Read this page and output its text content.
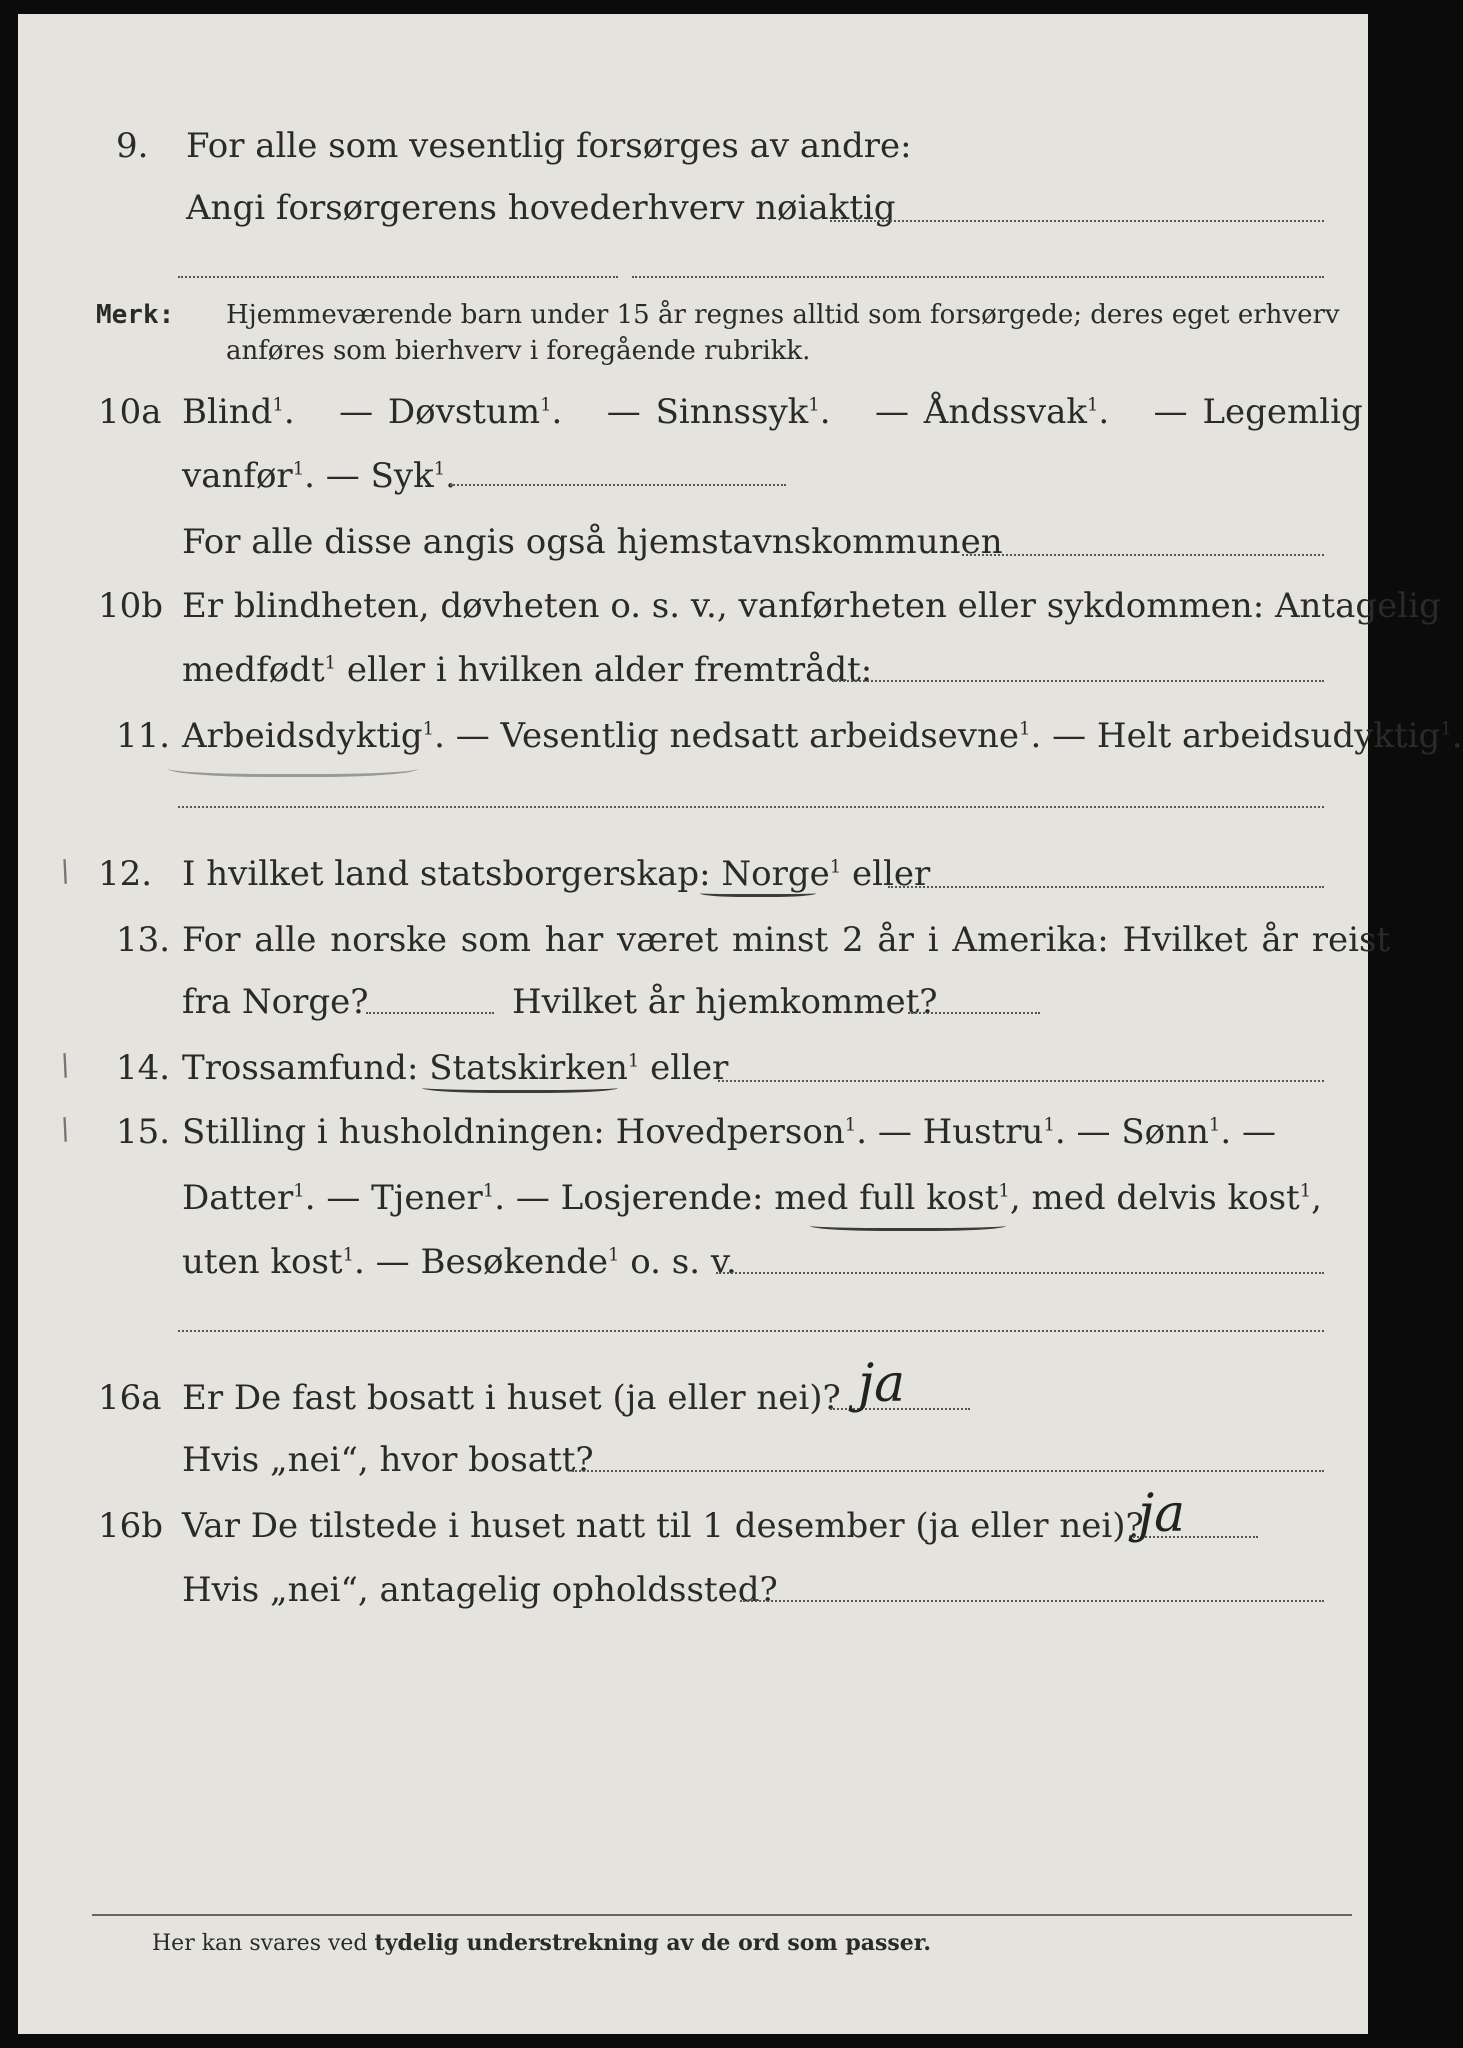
9. For alle som vesentlig forsørges av andre:
Angi forsørgerens hovederhverv nøiaktig
Merk: Hjemmeværende barn under 15 år regnes alltid som forsørgede; deres eget erhverv
anføres som bierhverv i foregående rubrikk.
10a Blind$^1$.   — Døvstum$^1$.   — Sinnssyk$^1$.   — Åndssvak$^1$.   — Legemlig
vanfør$^1$. — Syk$^1$.
For alle disse angis også hjemstavnskommunen
10b Er blindheten, døvheten o. s. v., vanførheten eller sykdommen: Antagelig
medfødt$^1$ eller i hvilken alder fremtrådt:
11. Arbeidsdyktig$^1$. — Vesentlig nedsatt arbeidsevne$^1$. — Helt arbeidsudyktig$^1$.
\ 12. I hvilket land statsborgerskap: Norge$^1$ eller
13. For alle norske som har været minst 2 år i Amerika: Hvilket år reist
fra Norge?	Hvilket år hjemkommet?
\ 14. Trossamfund: Statskirken$^1$ eller
\ 15. Stilling i husholdningen: Hovedperson$^1$. — Hustru$^1$. — Sønn$^1$. —
Datter$^1$. — Tjener$^1$. — Losjerende: med full kost$^1$, med delvis kost$^1$,
uten kost$^1$. — Besøkende$^1$ o. s. v.
16a Er De fast bosatt i huset (ja eller nei)? ja
Hvis „nei“, hvor bosatt?
16b Var De tilstede i huset natt til 1 desember (ja eller nei)?
ja
Hvis „nei“, antagelig opholdssted?
Her kan svares ved tydelig understrekning av de ord som passer.
